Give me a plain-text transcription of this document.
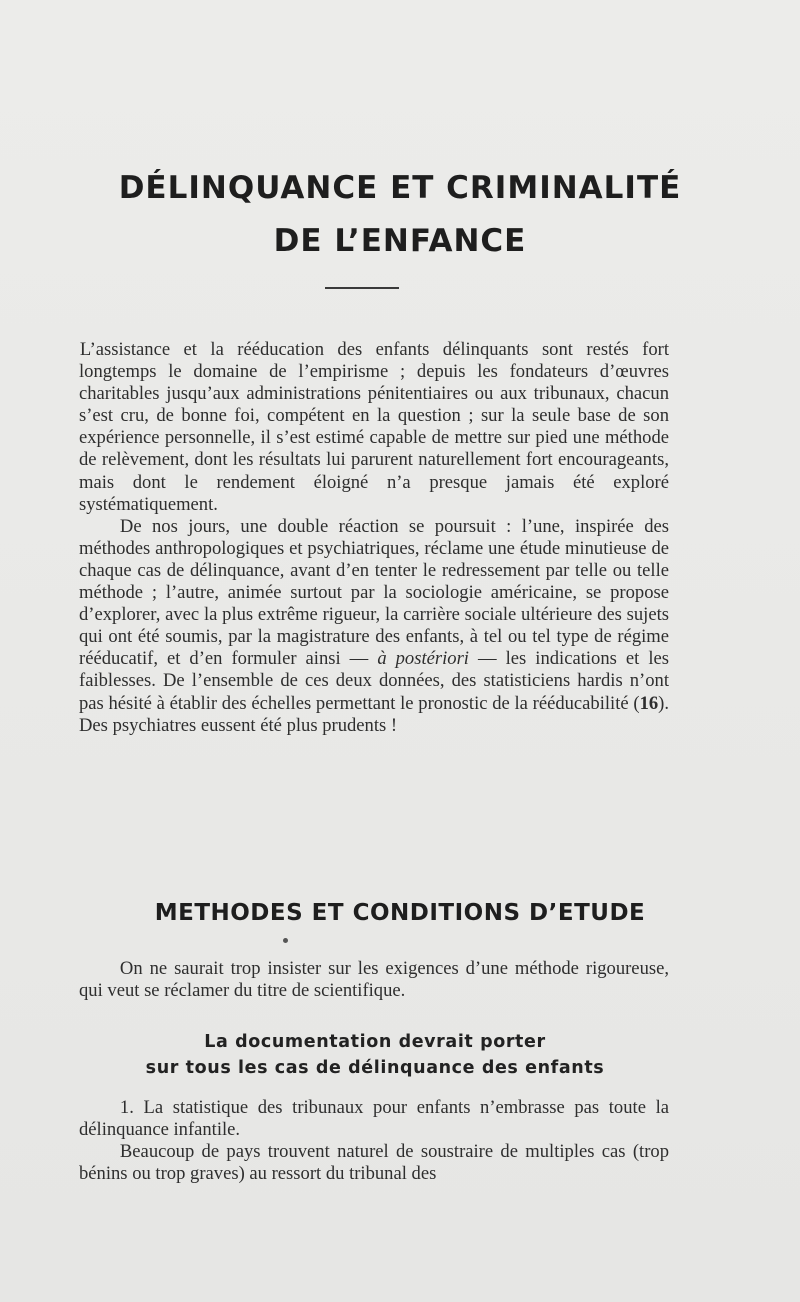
DÉLINQUANCE ET CRIMINALITÉ
DE L’ENFANCE

L’assistance et la rééducation des enfants délinquants sont restés fort longtemps le domaine de l’empirisme ; depuis les fondateurs d’œuvres charitables jusqu’aux administrations pénitentiaires ou aux tribunaux, chacun s’est cru, de bonne foi, compétent en la question ; sur la seule base de son expérience personnelle, il s’est estimé capable de mettre sur pied une méthode de relèvement, dont les résultats lui parurent naturellement fort encourageants, mais dont le rendement éloigné n’a presque jamais été exploré systématiquement.

De nos jours, une double réaction se poursuit : l’une, inspirée des méthodes anthropologiques et psychiatriques, réclame une étude minutieuse de chaque cas de délinquance, avant d’en tenter le redressement par telle ou telle méthode ; l’autre, animée surtout par la sociologie américaine, se propose d’explorer, avec la plus extrême rigueur, la carrière sociale ultérieure des sujets qui ont été soumis, par la magistrature des enfants, à tel ou tel type de régime rééducatif, et d’en formuler ainsi — à postériori — les indications et les faiblesses. De l’ensemble de ces deux données, des statisticiens hardis n’ont pas hésité à établir des échelles permettant le pronostic de la rééducabilité (16). Des psychiatres eussent été plus prudents !

METHODES ET CONDITIONS D’ETUDE

On ne saurait trop insister sur les exigences d’une méthode rigoureuse, qui veut se réclamer du titre de scientifique.

La documentation devrait porter
sur tous les cas de délinquance des enfants

1. La statistique des tribunaux pour enfants n’embrasse pas toute la délinquance infantile.

Beaucoup de pays trouvent naturel de soustraire de multiples cas (trop bénins ou trop graves) au ressort du tribunal des
